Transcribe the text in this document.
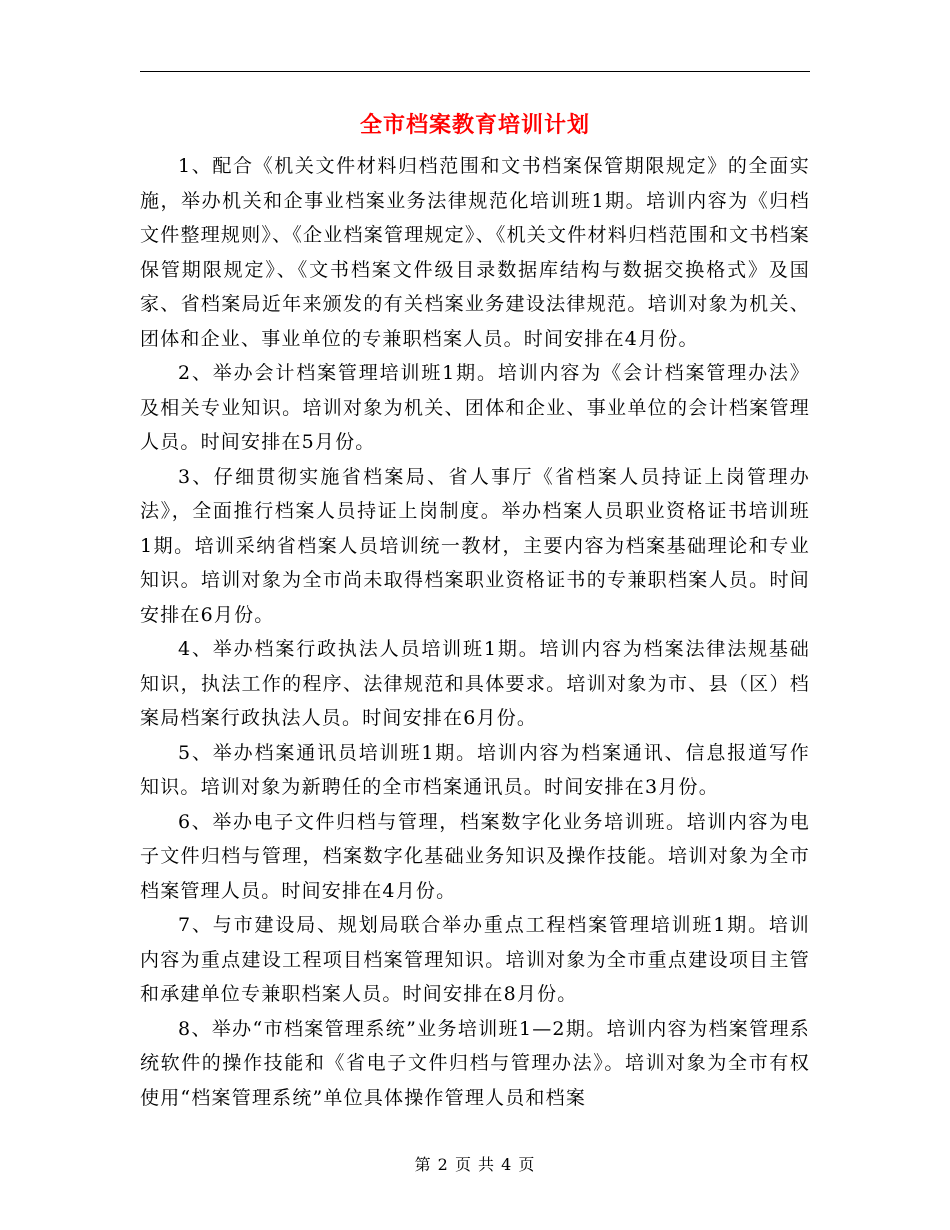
全市档案教育培训计划

1、配合《机关文件材料归档范围和文书档案保管期限规定》的全面实施，举办机关和企事业档案业务法律规范化培训班1期。培训内容为《归档文件整理规则》、《企业档案管理规定》、《机关文件材料归档范围和文书档案保管期限规定》、《文书档案文件级目录数据库结构与数据交换格式》及国家、省档案局近年来颁发的有关档案业务建设法律规范。培训对象为机关、团体和企业、事业单位的专兼职档案人员。时间安排在4月份。

2、举办会计档案管理培训班1期。培训内容为《会计档案管理办法》及相关专业知识。培训对象为机关、团体和企业、事业单位的会计档案管理人员。时间安排在5月份。

3、仔细贯彻实施省档案局、省人事厅《省档案人员持证上岗管理办法》，全面推行档案人员持证上岗制度。举办档案人员职业资格证书培训班1期。培训采纳省档案人员培训统一教材，主要内容为档案基础理论和专业知识。培训对象为全市尚未取得档案职业资格证书的专兼职档案人员。时间安排在6月份。

4、举办档案行政执法人员培训班1期。培训内容为档案法律法规基础知识，执法工作的程序、法律规范和具体要求。培训对象为市、县（区）档案局档案行政执法人员。时间安排在6月份。

5、举办档案通讯员培训班1期。培训内容为档案通讯、信息报道写作知识。培训对象为新聘任的全市档案通讯员。时间安排在3月份。

6、举办电子文件归档与管理，档案数字化业务培训班。培训内容为电子文件归档与管理，档案数字化基础业务知识及操作技能。培训对象为全市档案管理人员。时间安排在4月份。

7、与市建设局、规划局联合举办重点工程档案管理培训班1期。培训内容为重点建设工程项目档案管理知识。培训对象为全市重点建设项目主管和承建单位专兼职档案人员。时间安排在8月份。

8、举办“市档案管理系统”业务培训班1—2期。培训内容为档案管理系统软件的操作技能和《省电子文件归档与管理办法》。培训对象为全市有权使用“档案管理系统”单位具体操作管理人员和档案

第 2 页 共 4 页
